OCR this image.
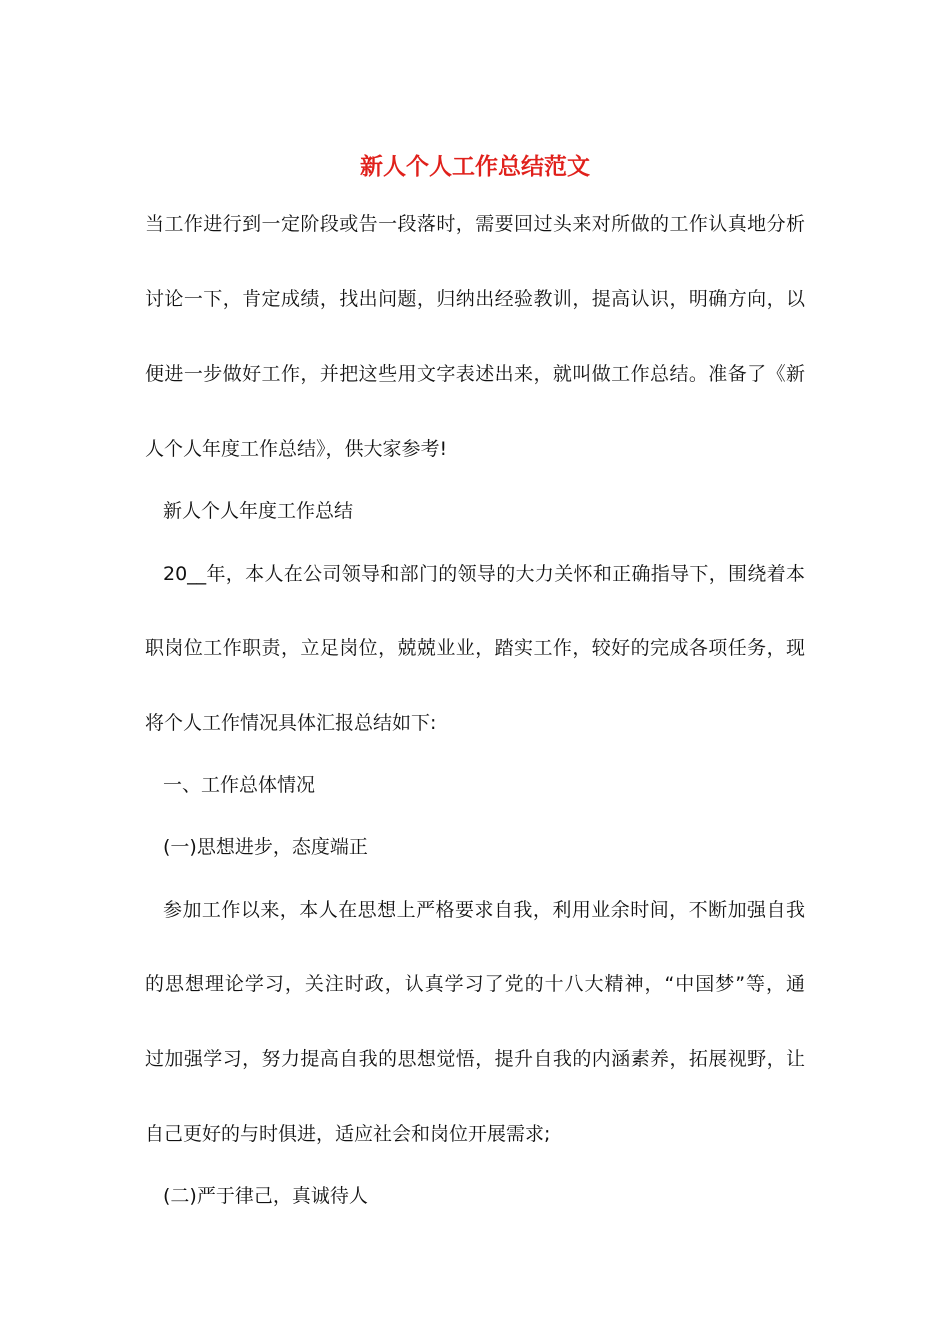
新人个人工作总结范文

当工作进行到一定阶段或告一段落时，需要回过头来对所做的工作认真地分析

讨论一下，肯定成绩，找出问题，归纳出经验教训，提高认识，明确方向，以

便进一步做好工作，并把这些用文字表述出来，就叫做工作总结。准备了《新

人个人年度工作总结》，供大家参考!

新人个人年度工作总结

20__年，本人在公司领导和部门的领导的大力关怀和正确指导下，围绕着本

职岗位工作职责，立足岗位，兢兢业业，踏实工作，较好的完成各项任务，现

将个人工作情况具体汇报总结如下:

一、工作总体情况

(一)思想进步，态度端正

参加工作以来，本人在思想上严格要求自我，利用业余时间，不断加强自我

的思想理论学习，关注时政，认真学习了党的十八大精神，“中国梦”等，通

过加强学习，努力提高自我的思想觉悟，提升自我的内涵素养，拓展视野，让

自己更好的与时俱进，适应社会和岗位开展需求;

(二)严于律己，真诚待人
